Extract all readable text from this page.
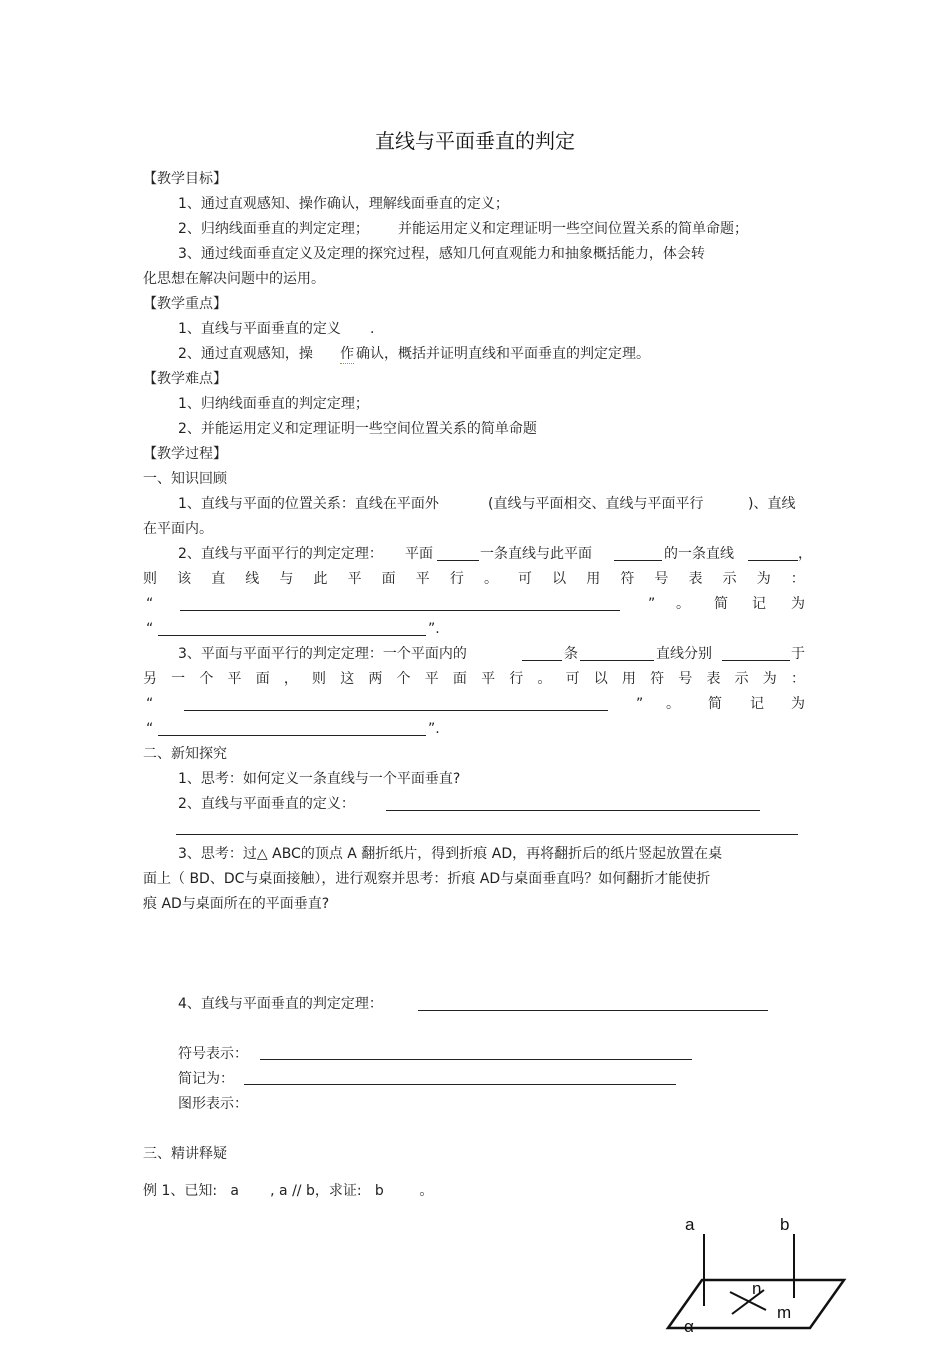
直线与平面垂直的判定
【教学目标】
1、通过直观感知、操作确认，理解线面垂直的定义；
2、归纳线面垂直的判定定理； 并能运用定义和定理证明一些空间位置关系的简单命题；
3、通过线面垂直定义及定理的探究过程，感知几何直观能力和抽象概括能力，体会转
化思想在解决问题中的运用。
【教学重点】
1、直线与平面垂直的定义 .
2、通过直观感知，操 作 确认，概括并证明直线和平面垂直的判定定理。
【教学难点】
1、归纳线面垂直的判定定理；
2、并能运用定义和定理证明一些空间位置关系的简单命题
【教学过程】
一、知识回顾
1、直线与平面的位置关系：直线在平面外	(直线与平面相交、直线与平面平行	)、直线
在平面内。
2、直线与平面平行的判定定理： 平面	一条直线与此平面	的一条直线	，
则 该 直 线 与 此 平 面 平 行 。 可 以 用 符 号 表 示 为 ：
“	” 。 简 记 为
“	”.
3、平面与平面平行的判定定理：一个平面内的	条	直线分别	于
另 一 个 平 面 ， 则 这 两 个 平 面 平 行 。 可 以 用 符 号 表 示 为 ：
“	” 。 简 记 为
“	”.
二、新知探究
1、思考：如何定义一条直线与一个平面垂直?
2、直线与平面垂直的定义：
3、思考：过△ ABC的顶点 A 翻折纸片，得到折痕 AD，再将翻折后的纸片竖起放置在桌
面上（ BD、DC与桌面接触），进行观察并思考：折痕 AD与桌面垂直吗？如何翻折才能使折
痕 AD与桌面所在的平面垂直?
4、直线与平面垂直的判定定理：
符号表示：
简记为：
图形表示：
三、精讲释疑
例 1、已知:   a       , a // b，求证:   b        。
a	b
n
m
α
